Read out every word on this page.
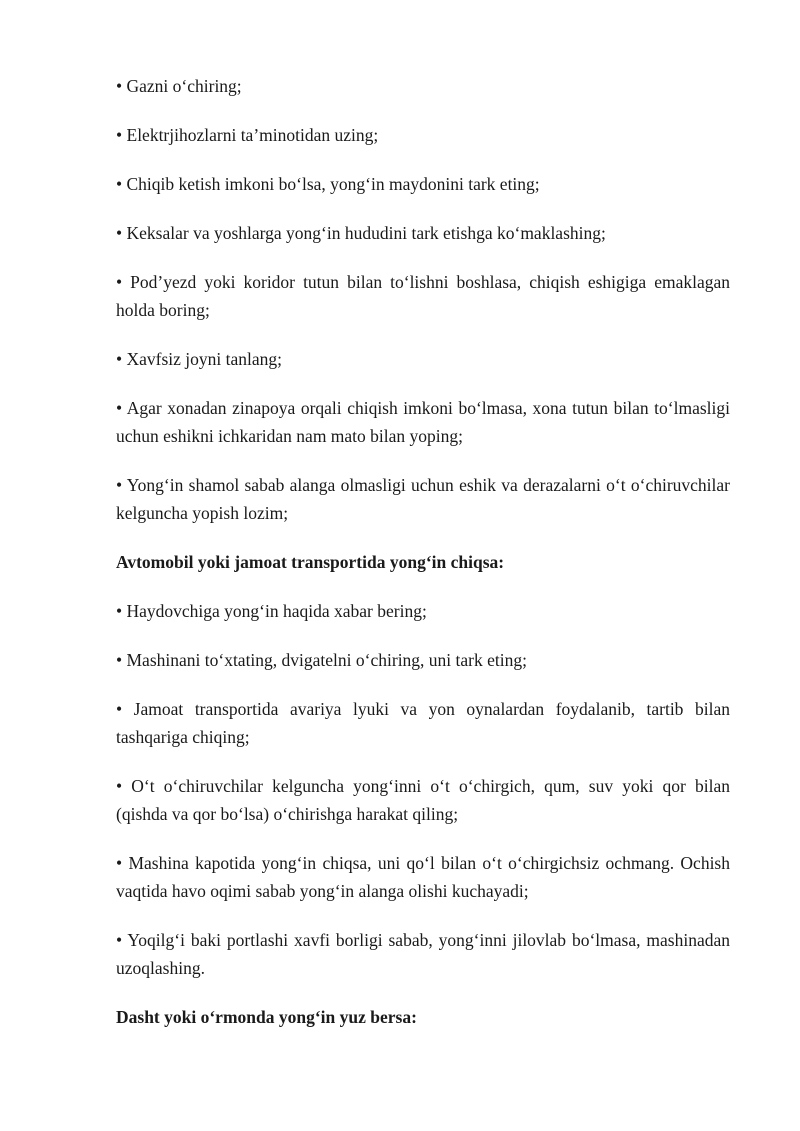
• Gazni o‘chiring;

• Elektrjihozlarni ta’minotidan uzing;

• Chiqib ketish imkoni bo‘lsa, yong‘in maydonini tark eting;

• Keksalar va yoshlarga yong‘in hududini tark etishga ko‘maklashing;

• Pod’yezd yoki koridor tutun bilan to‘lishni boshlasa, chiqish eshigiga emaklagan holda boring;

• Xavfsiz joyni tanlang;

• Agar xonadan zinapoya orqali chiqish imkoni bo‘lmasa, xona tutun bilan to‘lmasligi uchun eshikni ichkaridan nam mato bilan yoping;

• Yong‘in shamol sabab alanga olmasligi uchun eshik va derazalarni o‘t o‘chiruvchilar kelguncha yopish lozim;

Avtomobil yoki jamoat transportida yong‘in chiqsa:

• Haydovchiga yong‘in haqida xabar bering;

• Mashinani to‘xtating, dvigatelni o‘chiring, uni tark eting;

• Jamoat transportida avariya lyuki va yon oynalardan foydalanib, tartib bilan tashqariga chiqing;

• O‘t o‘chiruvchilar kelguncha yong‘inni o‘t o‘chirgich, qum, suv yoki qor bilan (qishda va qor bo‘lsa) o‘chirishga harakat qiling;

• Mashina kapotida yong‘in chiqsa, uni qo‘l bilan o‘t o‘chirgichsiz ochmang. Ochish vaqtida havo oqimi sabab yong‘in alanga olishi kuchayadi;

• Yoqilg‘i baki portlashi xavfi borligi sabab, yong‘inni jilovlab bo‘lmasa, mashinadan uzoqlashing.

Dasht yoki o‘rmonda yong‘in yuz bersa:
